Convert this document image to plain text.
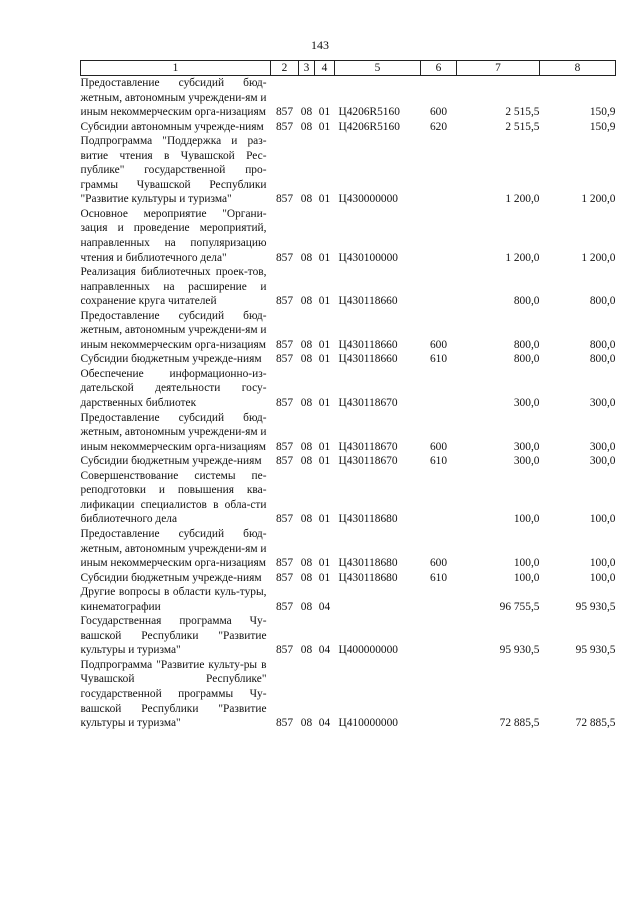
143
1	2	3	4	5	6	7	8
Предоставление субсидий бюд-жетным, автономным учреждени-ям и иным некоммерческим орга-низациям	857	08	01	Ц4206R5160	600	2 515,5	150,9
Субсидии автономным учрежде-ниям	857	08	01	Ц4206R5160	620	2 515,5	150,9
Подпрограмма "Поддержка и раз-витие чтения в Чувашской Рес-публике" государственной про-граммы Чувашской Республики "Развитие культуры и туризма"	857	08	01	Ц430000000		1 200,0	1 200,0
Основное мероприятие "Органи-зация и проведение мероприятий, направленных на популяризацию чтения и библиотечного дела"	857	08	01	Ц430100000		1 200,0	1 200,0
Реализация библиотечных проек-тов, направленных на расширение и сохранение круга читателей	857	08	01	Ц430118660		800,0	800,0
Предоставление субсидий бюд-жетным, автономным учреждени-ям и иным некоммерческим орга-низациям	857	08	01	Ц430118660	600	800,0	800,0
Субсидии бюджетным учрежде-ниям	857	08	01	Ц430118660	610	800,0	800,0
Обеспечение информационно-из-дательской деятельности госу-дарственных библиотек	857	08	01	Ц430118670		300,0	300,0
Предоставление субсидий бюд-жетным, автономным учреждени-ям и иным некоммерческим орга-низациям	857	08	01	Ц430118670	600	300,0	300,0
Субсидии бюджетным учрежде-ниям	857	08	01	Ц430118670	610	300,0	300,0
Совершенствование системы пе-реподготовки и повышения ква-лификации специалистов в обла-сти библиотечного дела	857	08	01	Ц430118680		100,0	100,0
Предоставление субсидий бюд-жетным, автономным учреждени-ям и иным некоммерческим орга-низациям	857	08	01	Ц430118680	600	100,0	100,0
Субсидии бюджетным учрежде-ниям	857	08	01	Ц430118680	610	100,0	100,0
Другие вопросы в области куль-туры, кинематографии	857	08	04			96 755,5	95 930,5
Государственная программа Чу-вашской Республики "Развитие культуры и туризма"	857	08	04	Ц400000000		95 930,5	95 930,5
Подпрограмма "Развитие культу-ры в Чувашской Республике" государственной программы Чу-вашской Республики "Развитие культуры и туризма"	857	08	04	Ц410000000		72 885,5	72 885,5
